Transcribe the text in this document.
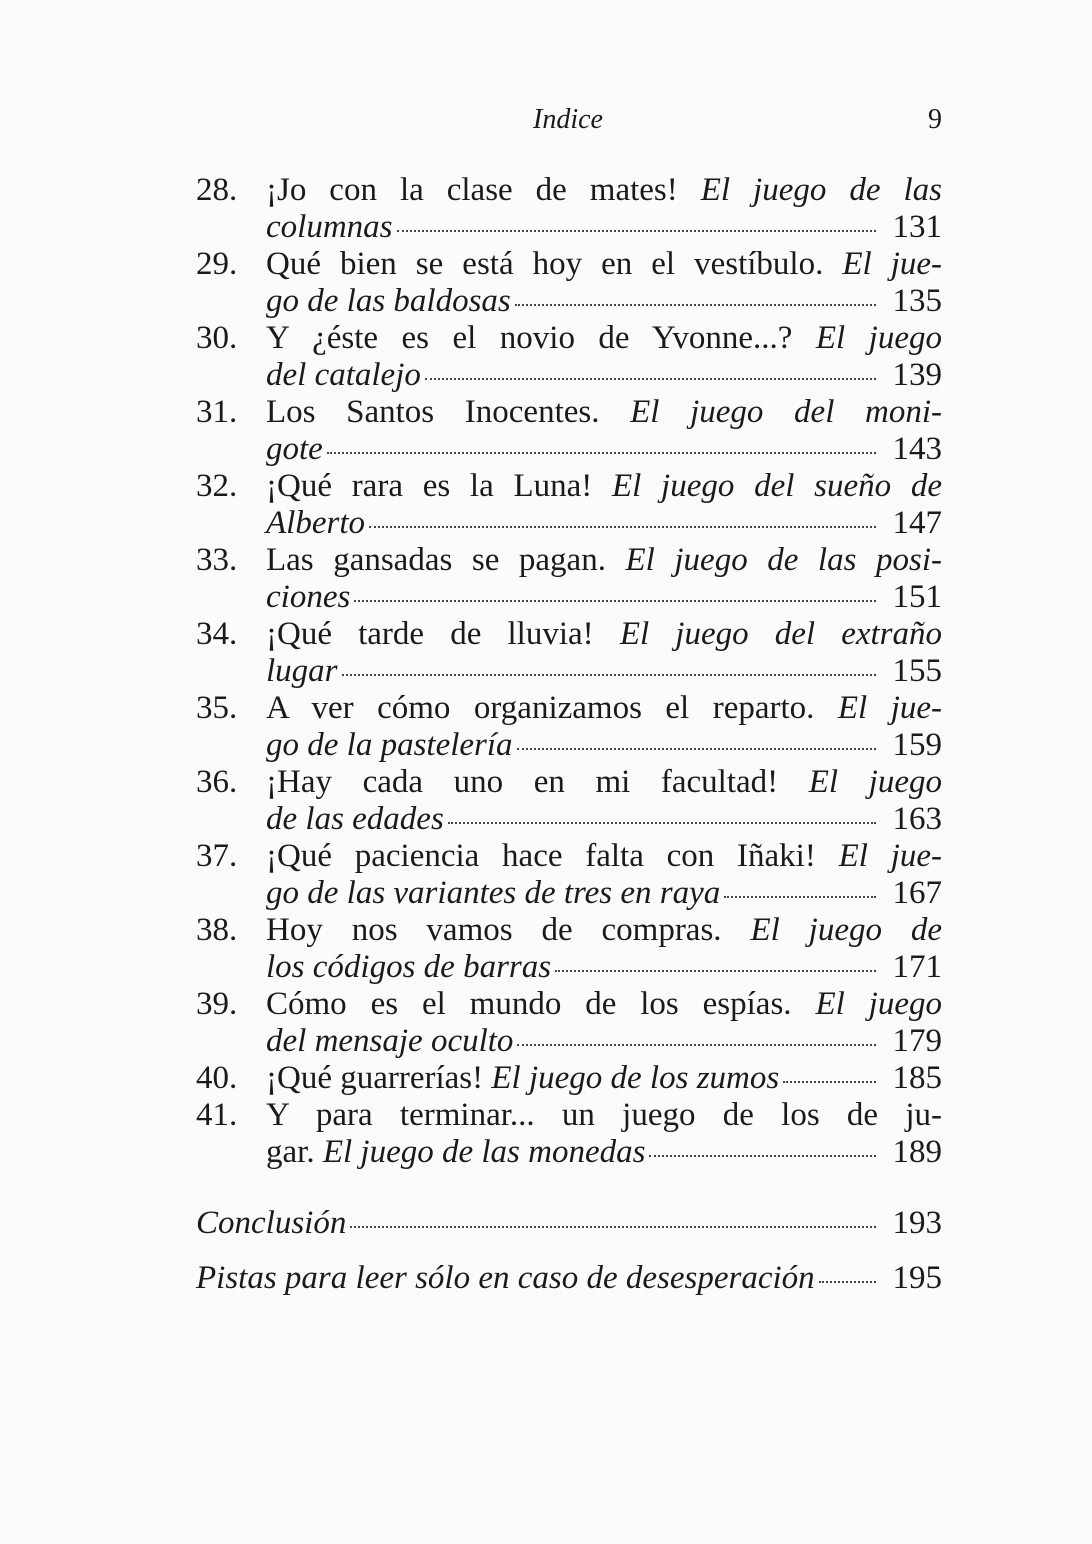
Indice	9
28. ¡Jo con la clase de mates! El juego de las
columnas	131
29. Qué bien se está hoy en el vestíbulo. El jue-
go de las baldosas	135
30. Y ¿éste es el novio de Yvonne...? El juego
del catalejo	139
31. Los Santos Inocentes. El juego del moni-
gote	143
32. ¡Qué rara es la Luna! El juego del sueño de
Alberto	147
33. Las gansadas se pagan. El juego de las posi-
ciones	151
34. ¡Qué tarde de lluvia! El juego del extraño
lugar	155
35. A ver cómo organizamos el reparto. El jue-
go de la pastelería	159
36. ¡Hay cada uno en mi facultad! El juego
de las edades	163
37. ¡Qué paciencia hace falta con Iñaki! El jue-
go de las variantes de tres en raya	167
38. Hoy nos vamos de compras. El juego de
los códigos de barras	171
39. Cómo es el mundo de los espías. El juego
del mensaje oculto	179
40. ¡Qué guarrerías! El juego de los zumos	185
41. Y para terminar... un juego de los de ju-
gar. El juego de las monedas	189
Conclusión	193
Pistas para leer sólo en caso de desesperación 195
